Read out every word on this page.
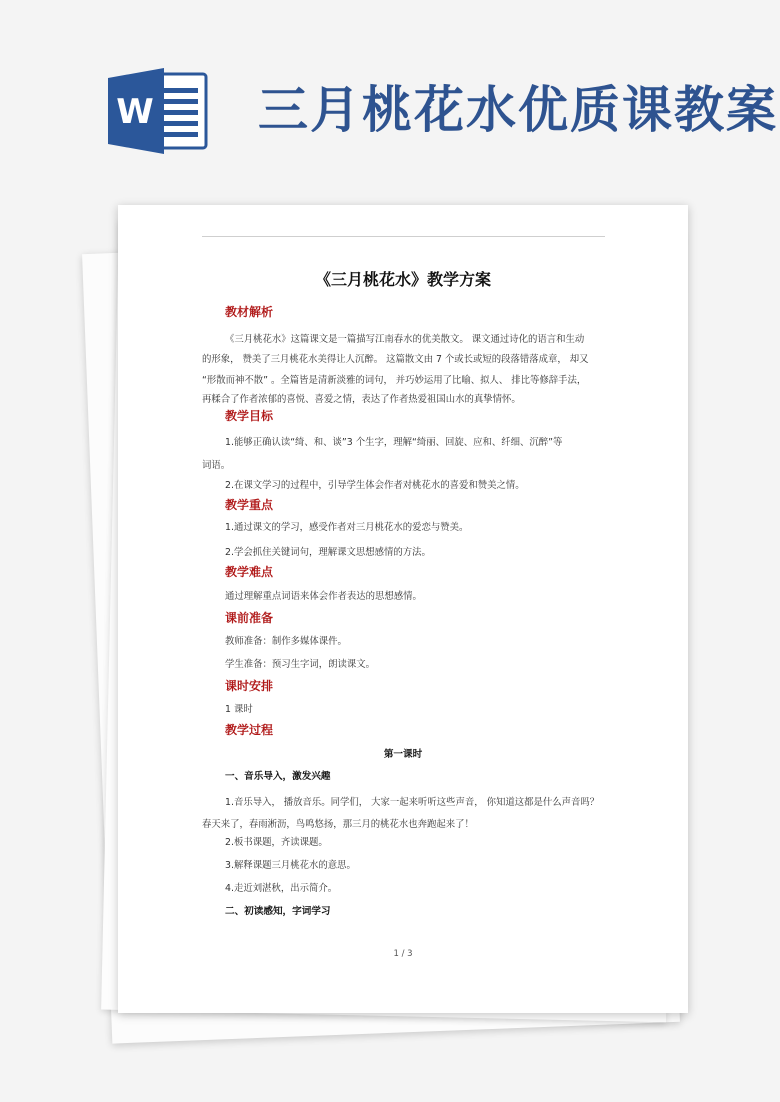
W 三月桃花水优质课教案
《三月桃花水》教学方案
教材解析
《三月桃花水》这篇课文是一篇描写江南春水的优美散文。 课文通过诗化的语言和生动
的形象， 赞美了三月桃花水美得让人沉醉。 这篇散文由 7 个或长或短的段落错落成章， 却又
“形散而神不散” 。全篇皆是清新淡雅的词句， 并巧妙运用了比喻、拟人、 排比等修辞手法，
再糅合了作者浓郁的喜悦、喜爱之情，表达了作者热爱祖国山水的真挚情怀。
教学目标
1.能够正确认读“绮、和、谈”3 个生字，理解“绮丽、回旋、应和、纤细、沉醉”等
词语。
2.在课文学习的过程中，引导学生体会作者对桃花水的喜爱和赞美之情。
教学重点
1.通过课文的学习，感受作者对三月桃花水的爱恋与赞美。
2.学会抓住关键词句，理解课文思想感情的方法。
教学难点
通过理解重点词语来体会作者表达的思想感情。
课前准备
教师准备：制作多媒体课件。
学生准备：预习生字词，朗读课文。
课时安排
1 课时
教学过程
第一课时
一、音乐导入，激发兴趣
1.音乐导入， 播放音乐。同学们， 大家一起来听听这些声音， 你知道这都是什么声音吗？
春天来了，春雨淅沥，鸟鸣悠扬，那三月的桃花水也奔跑起来了！
2.板书课题，齐读课题。
3.解释课题三月桃花水的意思。
4.走近刘湛秋，出示简介。
二、初读感知，字词学习
1 / 3
